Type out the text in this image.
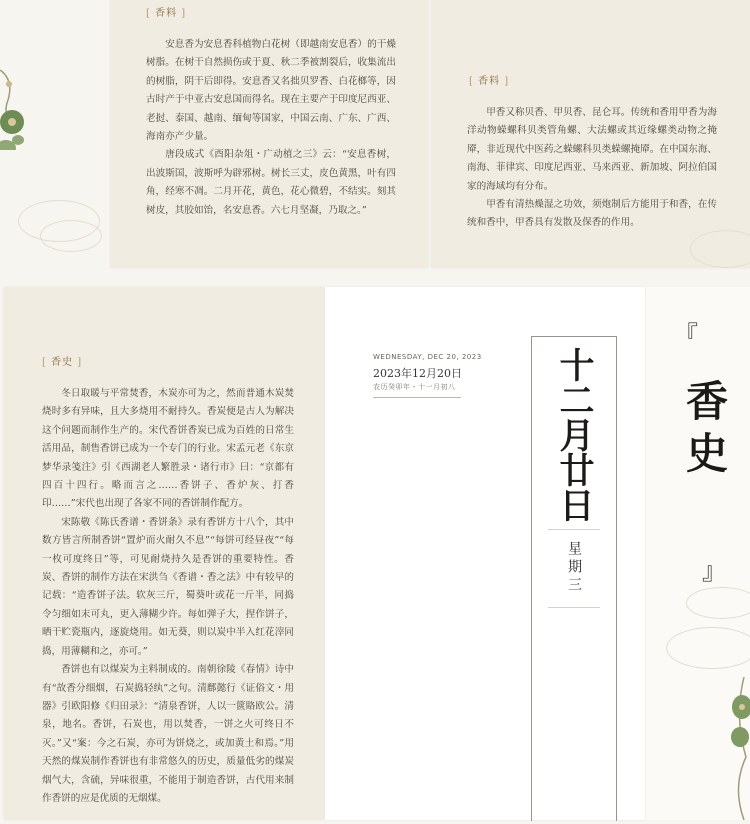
[ 香料 ]

安息香为安息香科植物白花树（即越南安息香）的干燥树脂。在树干自然损伤或于夏、秋二季被割裂后，收集流出的树脂，阴干后即得。安息香又名拙贝罗香、白花榔等，因古时产于中亚古安息国而得名。现在主要产于印度尼西亚、老挝、泰国、越南、缅甸等国家，中国云南、广东、广西、海南亦产少量。

唐段成式《酉阳杂俎・广动植之三》云：“安息香树，出波斯国，波斯呼为辟邪树。树长三丈，皮色黄黑，叶有四角，经寒不凋。二月开花，黄色，花心微碧，不结实。刻其树皮，其胶如饴，名安息香。六七月坚凝，乃取之。”

[ 香料 ]

甲香又称贝香、甲贝香、昆仑耳。传统和香用甲香为海洋动物蝾螺科贝类管角螺、大法螺或其近缘螺类动物之掩厣，非近现代中医药之蝾螺科贝类蝾螺掩厣。在中国东海、南海、菲律宾、印度尼西亚、马来西亚、新加坡、阿拉伯国家的海域均有分布。

甲香有清热燥湿之功效，须炮制后方能用于和香，在传统和香中，甲香具有发散及保香的作用。

[ 香史 ]

冬日取暖与平常焚香，木炭亦可为之，然而普通木炭焚烧时多有异味，且大多烧用不耐持久。香炭便是古人为解决这个问题而制作生产的。宋代香饼香炭已成为百姓的日常生活用品，制售香饼已成为一个专门的行业。宋孟元老《东京梦华录笺注》引《西湖老人繁胜录・诸行市》曰：“京都有四百十四行。略而言之……香饼子、香炉灰、打香印……”宋代也出现了各家不同的香饼制作配方。

宋陈敬《陈氏香谱・香饼条》录有香饼方十八个，其中数方皆言所制香饼“置炉而火耐久不息”“每饼可经昼夜”“每一枚可度终日”等，可见耐烧持久是香饼的重要特性。香炭、香饼的制作方法在宋洪刍《香谱・香之法》中有较早的记载：“造香饼子法。软灰三斤，蜀葵叶或花一斤半，同捣令匀细如末可丸，更入薄糊少许。每如弹子大，捏作饼子，晒干贮瓷瓶内，逐旋烧用。如无葵，则以炭中半入红花滓同捣，用薄糊和之，亦可。”

香饼也有以煤炭为主料制成的。南朝徐陵《春情》诗中有“故香分细烟，石炭捣轻纨”之句。清鄜懿行《证俗文・用器》引欧阳修《归田录》：“清泉香饼，人以一篋賂欧公。清泉，地名。香饼，石炭也，用以焚香，一饼之火可终日不灭。”又“案：今之石炭，亦可为饼烧之，或加黄土和焉。”用天然的煤炭制作香饼也有非常悠久的历史，质量低劣的煤炭烟气大，含硫，异味很重，不能用于制造香饼，古代用来制作香饼的应是优质的无烟煤。

WEDNESDAY, DEC 20, 2023
2023年12月20日
农历癸卯年・十一月初八	十二月廿日
星期三
『
香史
』
